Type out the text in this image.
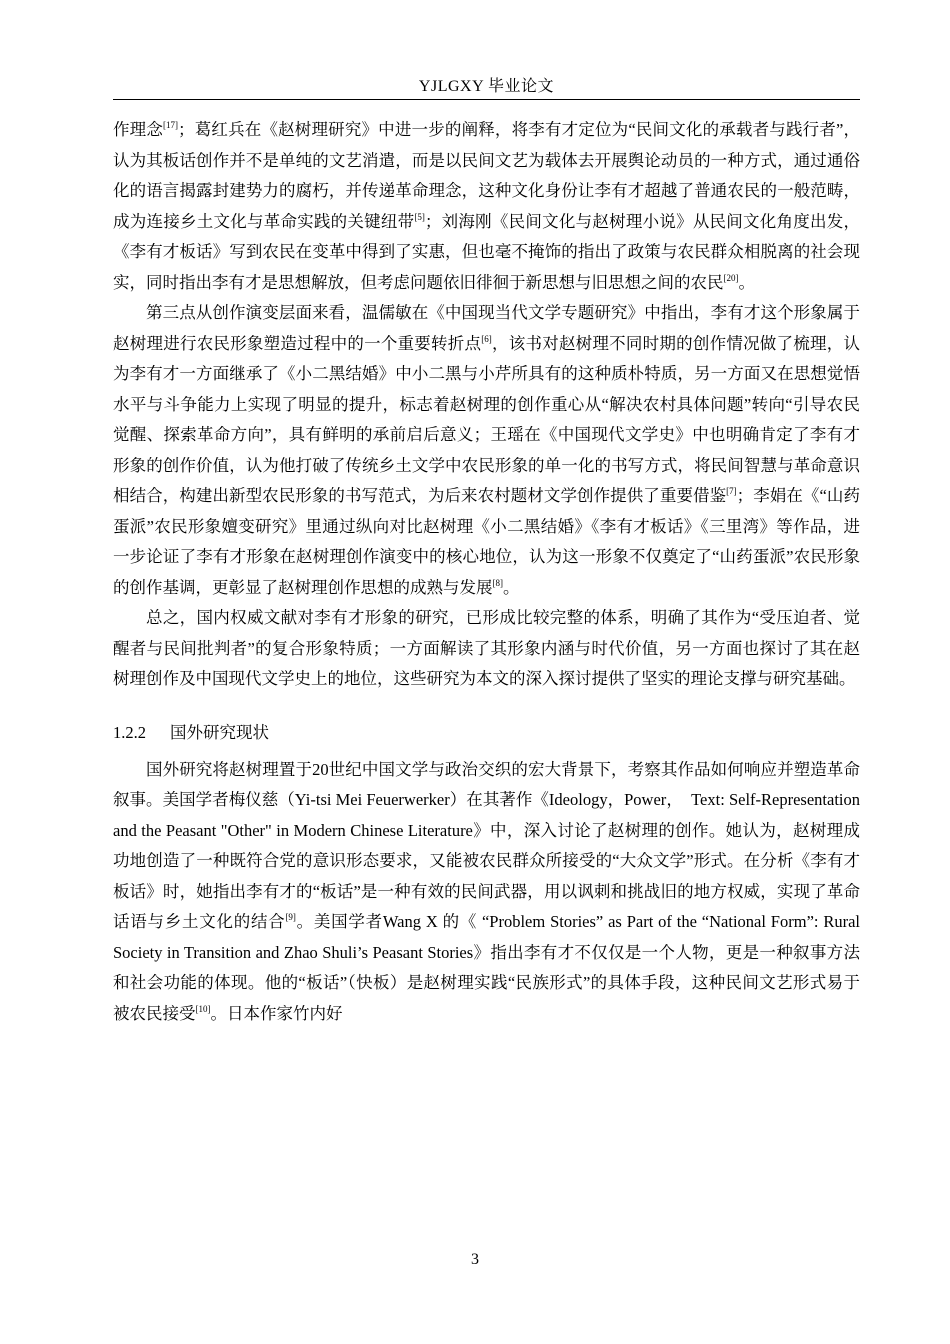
YJLGXY 毕业论文

作理念[17]；葛红兵在《赵树理研究》中进一步的阐释，将李有才定位为“民间文化的承载者与践行者”，认为其板话创作并不是单纯的文艺消遣，而是以民间文艺为载体去开展舆论动员的一种方式，通过通俗化的语言揭露封建势力的腐朽，并传递革命理念，这种文化身份让李有才超越了普通农民的一般范畴，成为连接乡土文化与革命实践的关键纽带[5]；刘海刚《民间文化与赵树理小说》从民间文化角度出发，《李有才板话》写到农民在变革中得到了实惠，但也毫不掩饰的指出了政策与农民群众相脱离的社会现实，同时指出李有才是思想解放，但考虑问题依旧徘徊于新思想与旧思想之间的农民[20]。

第三点从创作演变层面来看，温儒敏在《中国现当代文学专题研究》中指出，李有才这个形象属于赵树理进行农民形象塑造过程中的一个重要转折点[6]，该书对赵树理不同时期的创作情况做了梳理，认为李有才一方面继承了《小二黑结婚》中小二黑与小芹所具有的这种质朴特质，另一方面又在思想觉悟水平与斗争能力上实现了明显的提升，标志着赵树理的创作重心从“解决农村具体问题”转向“引导农民觉醒、探索革命方向”，具有鲜明的承前启后意义；王瑶在《中国现代文学史》中也明确肯定了李有才形象的创作价值，认为他打破了传统乡土文学中农民形象的单一化的书写方式，将民间智慧与革命意识相结合，构建出新型农民形象的书写范式，为后来农村题材文学创作提供了重要借鉴[7]；李娟在《“山药蛋派”农民形象嬗变研究》里通过纵向对比赵树理《小二黑结婚》《李有才板话》《三里湾》等作品，进一步论证了李有才形象在赵树理创作演变中的核心地位，认为这一形象不仅奠定了“山药蛋派”农民形象的创作基调，更彰显了赵树理创作思想的成熟与发展[8]。

总之，国内权威文献对李有才形象的研究，已形成比较完整的体系，明确了其作为“受压迫者、觉醒者与民间批判者”的复合形象特质；一方面解读了其形象内涵与时代价值，另一方面也探讨了其在赵树理创作及中国现代文学史上的地位，这些研究为本文的深入探讨提供了坚实的理论支撑与研究基础。

1.2.2 国外研究现状

国外研究将赵树理置于20世纪中国文学与政治交织的宏大背景下，考察其作品如何响应并塑造革命叙事。美国学者梅仪慈（Yi-tsi Mei Feuerwerker）在其著作《Ideology，Power，　Text: Self-Representation and the Peasant "Other" in Modern Chinese Literature》中，深入讨论了赵树理的创作。她认为，赵树理成功地创造了一种既符合党的意识形态要求，又能被农民群众所接受的“大众文学”形式。在分析《李有才板话》时，她指出李有才的“板话”是一种有效的民间武器，用以讽刺和挑战旧的地方权威，实现了革命话语与乡土文化的结合[9]。美国学者Wang X 的《 “Problem Stories” as Part of the “National Form”: Rural Society in Transition and Zhao Shuli’s Peasant Stories》指出李有才不仅仅是一个人物，更是一种叙事方法和社会功能的体现。他的“板话”（快板）是赵树理实践“民族形式”的具体手段，这种民间文艺形式易于被农民接受[10]。日本作家竹内好

3
